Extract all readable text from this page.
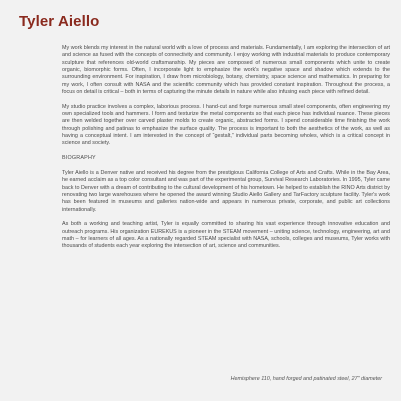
Tyler Aiello

My work blends my interest in the natural world with a love of process and materials. Fundamentally, I am exploring the intersection of art and science as fused with the concepts of connectivity and community. I enjoy working with industrial materials to produce contemporary sculpture that references old-world craftsmanship. My pieces are composed of numerous small components which unite to create organic, biomorphic forms. Often, I incorporate light to emphasize the work's negative space and shadow which extends to the surrounding environment. For inspiration, I draw from microbiology, botany, chemistry, space science and mathematics. In preparing for my work, I often consult with NASA and the scientific community which has provided constant inspiration. Throughout the process, a focus on detail is critical – both in terms of capturing the minute details in nature while also infusing each piece with refined detail.

My studio practice involves a complex, laborious process. I hand-cut and forge numerous small steel components, often engineering my own specialized tools and hammers. I form and texturize the metal components so that each piece has individual nuance. These pieces are then welded together over carved plaster molds to create organic, abstracted forms. I spend considerable time finishing the work through polishing and patinas to emphasize the surface quality. The process is important to both the aesthetics of the work, as well as having a conceptual intent. I am interested in the concept of “gestalt,” individual parts becoming wholes, which is a critical concept in science and society.

BIOGRAPHY

Tyler Aiello is a Denver native and received his degree from the prestigious California College of Arts and Crafts. While in the Bay Area, he earned acclaim as a top color consultant and was part of the experimental group, Survival Research Laboratories. In 1995, Tyler came back to Denver with a dream of contributing to the cultural development of his hometown. He helped to establish the RINO Arts district by renovating two large warehouses where he opened the award winning Studio Aiello Gallery and TarFactory sculpture facility. Tyler's work has been featured in museums and galleries nation-wide and appears in numerous private, corporate, and public art collections internationally.

As both a working and teaching artist, Tyler is equally committed to sharing his vast experience through innovative education and outreach programs. His organization EUREKUS is a pioneer in the STEAM movement – uniting science, technology, engineering, art and math – for learners of all ages. As a nationally regarded STEAM specialist with NASA, schools, colleges and museums, Tyler works with thousands of students each year exploring the intersection of art, science and communities.

Hemisphere 110, hand forged and patinated steel, 27" diameter
